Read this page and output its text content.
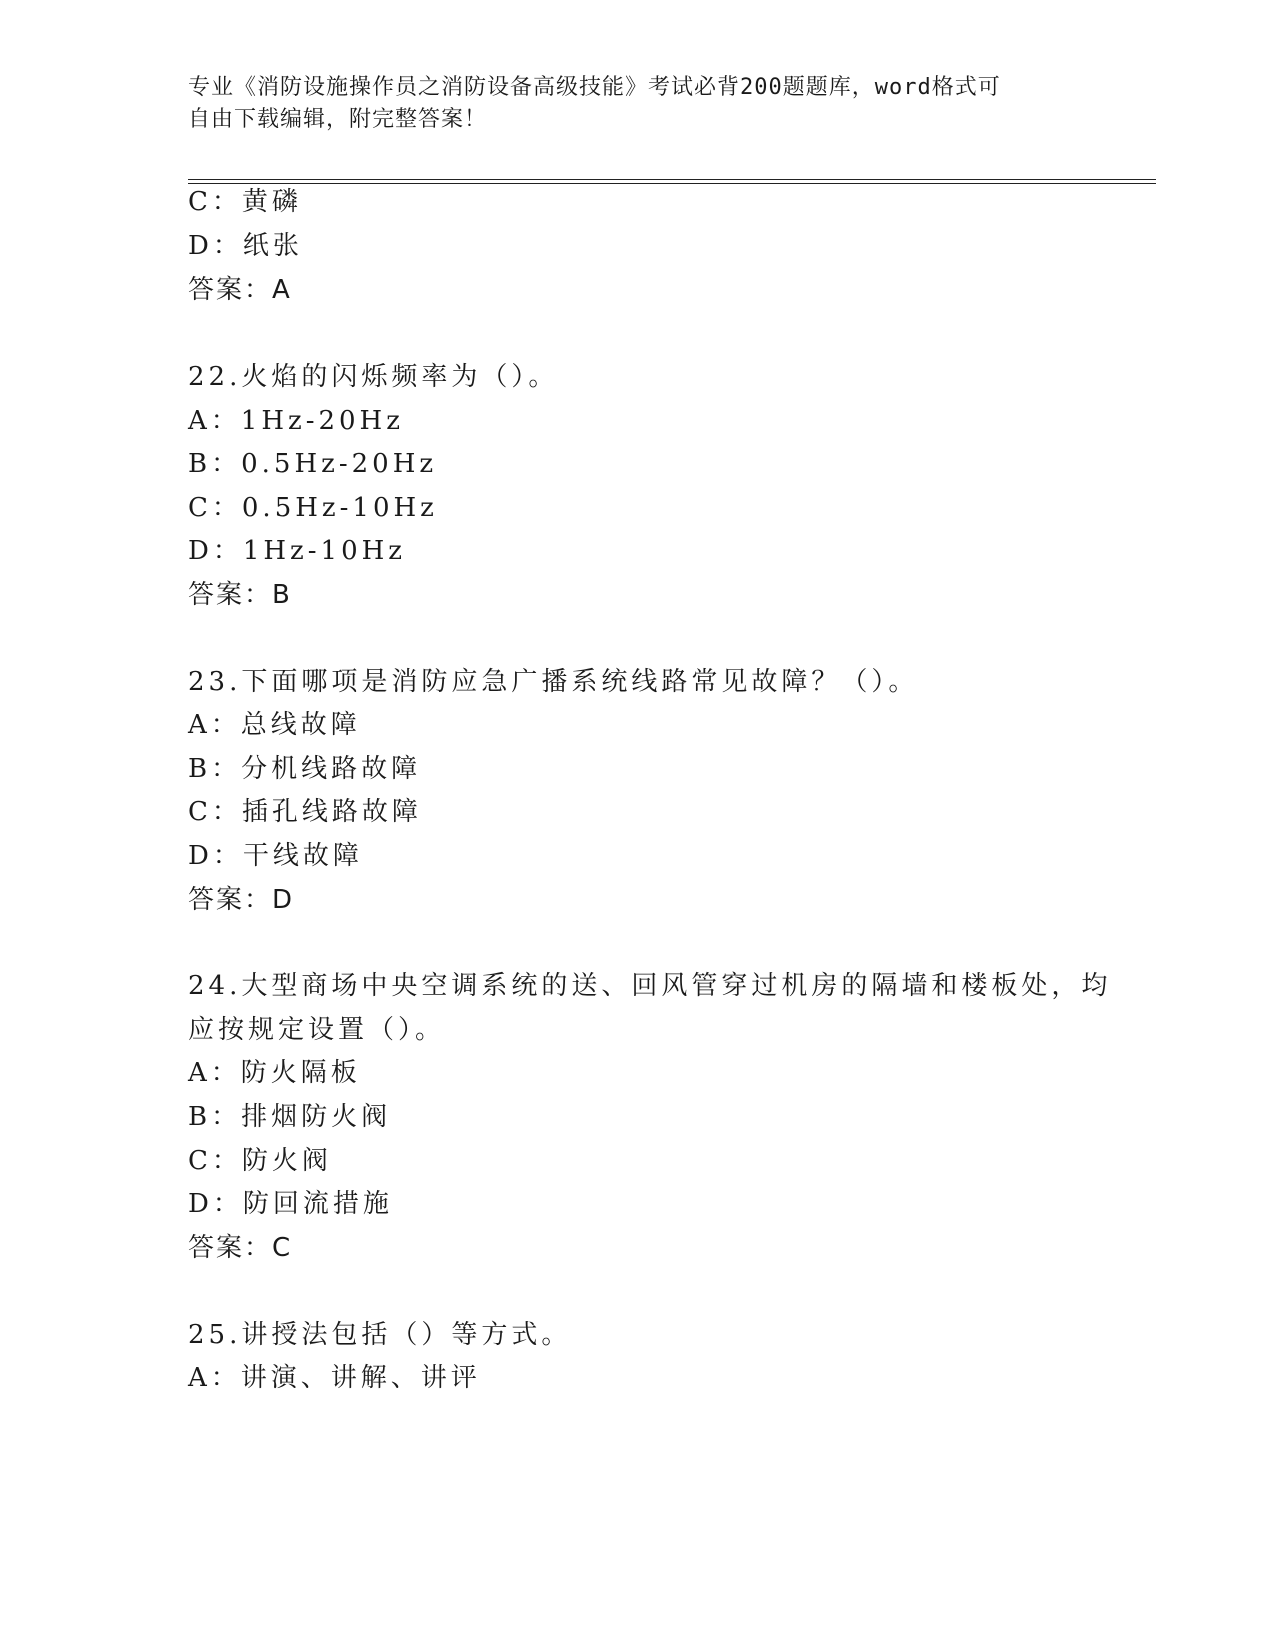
专业《消防设施操作员之消防设备高级技能》考试必背200题题库，word格式可
自由下载编辑，附完整答案！
C：黄磷
D：纸张
答案：A
22.火焰的闪烁频率为（）。
A：1Hz-20Hz
B：0.5Hz-20Hz
C：0.5Hz-10Hz
D：1Hz-10Hz
答案：B
23.下面哪项是消防应急广播系统线路常见故障？（）。
A：总线故障
B：分机线路故障
C：插孔线路故障
D：干线故障
答案：D
24.大型商场中央空调系统的送、回风管穿过机房的隔墙和楼板处，均
应按规定设置（）。
A：防火隔板
B：排烟防火阀
C：防火阀
D：防回流措施
答案：C
25.讲授法包括（）等方式。
A：讲演、讲解、讲评
